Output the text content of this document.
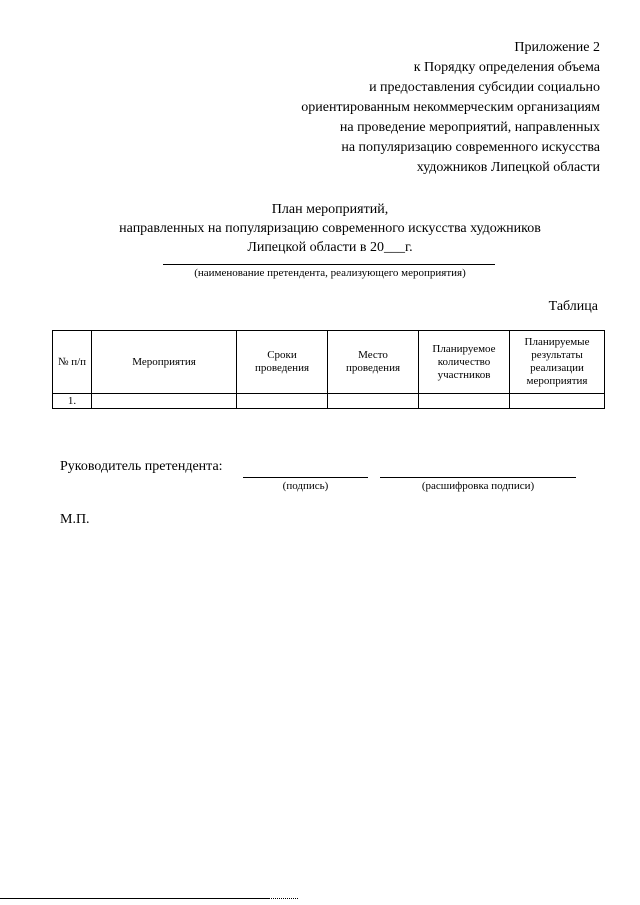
Приложение 2
к Порядку определения объема
и предоставления субсидии социально
ориентированным некоммерческим организациям
на проведение мероприятий, направленных
на популяризацию современного искусства
художников Липецкой области
План мероприятий,
направленных на популяризацию современного искусства художников
Липецкой области в 20___г.
(наименование претендента, реализующего мероприятия)
Таблица
№ п/п	Мероприятия	Сроки проведения	Место проведения	Планируемое количество участников	Планируемые результаты реализации мероприятия
1.					
Руководитель претендента:
(подпись)	(расшифровка подписи)
М.П.
